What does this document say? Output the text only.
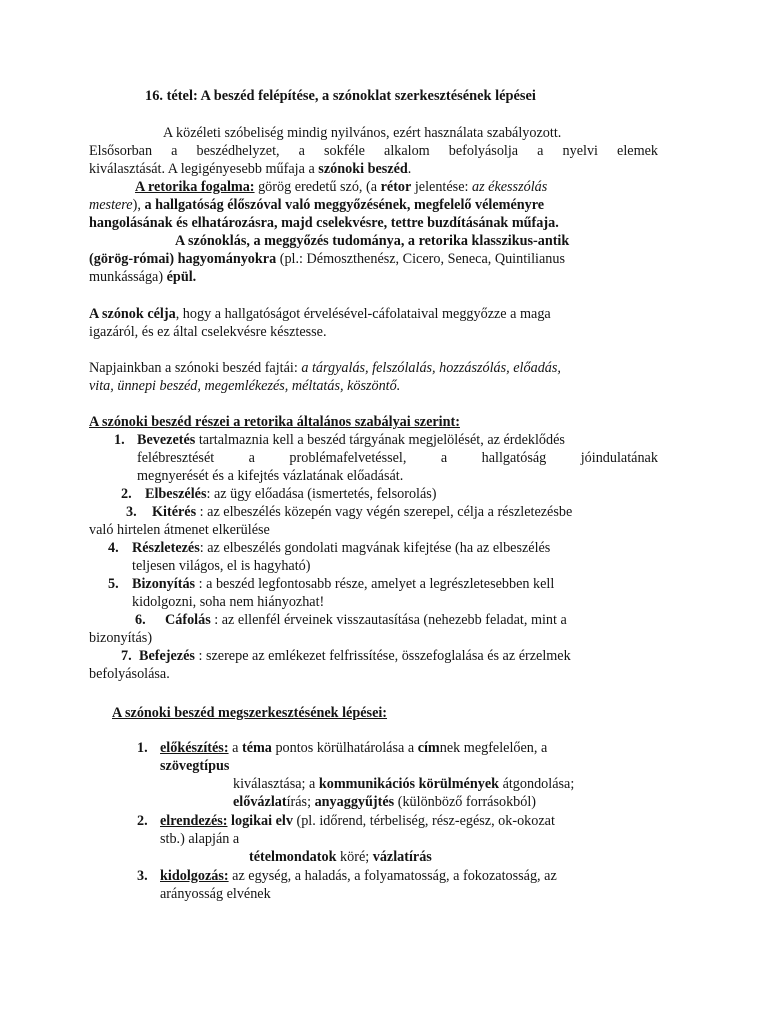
16. tétel: A beszéd felépítése, a szónoklat szerkesztésének lépései
A közéleti szóbeliség mindig nyilvános, ezért használata szabályozott.
Elsősorban a beszédhelyzet, a sokféle alkalom befolyásolja a nyelvi elemek
kiválasztását. A legigényesebb műfaja a szónoki beszéd.
A retorika fogalma: görög eredetű szó, (a rétor jelentése: az ékesszólás
mestere), a hallgatóság élőszóval való meggyőzésének, megfelelő véleményre
hangolásának és elhatározásra, majd cselekvésre, tettre buzdításának műfaja.
A szónoklás, a meggyőzés tudománya, a retorika klasszikus-antik
(görög-római) hagyományokra (pl.: Démoszthenész, Cicero, Seneca, Quintilianus
munkássága) épül.
A szónok célja, hogy a hallgatóságot érvelésével-cáfolataival meggyőzze a maga
igazáról, és ez által cselekvésre késztesse.
Napjainkban a szónoki beszéd fajtái: a tárgyalás, felszólalás, hozzászólás, előadás,
vita, ünnepi beszéd, megemlékezés, méltatás, köszöntő.
A szónoki beszéd részei a retorika általános szabályai szerint:
1. Bevezetés tartalmaznia kell a beszéd tárgyának megjelölését, az érdeklődés
felébresztését a problémafelvetéssel, a hallgatóság jóindulatának
megnyerését és a kifejtés vázlatának előadását.
2. Elbeszélés: az ügy előadása (ismertetés, felsorolás)
3. Kitérés : az elbeszélés közepén vagy végén szerepel, célja a részletezésbe
való hirtelen átmenet elkerülése
4. Részletezés: az elbeszélés gondolati magvának kifejtése (ha az elbeszélés
teljesen világos, el is hagyható)
5. Bizonyítás : a beszéd legfontosabb része, amelyet a legrészletesebben kell
kidolgozni, soha nem hiányozhat!
6. Cáfolás : az ellenfél érveinek visszautasítása (nehezebb feladat, mint a
bizonyítás)
7. Befejezés : szerepe az emlékezet felfrissítése, összefoglalása és az érzelmek
befolyásolása.
A szónoki beszéd megszerkesztésének lépései:
1. előkészítés: a téma pontos körülhatárolása a címnek megfelelően, a
szövegtípus
kiválasztása; a kommunikációs körülmények átgondolása;
elővázlatírás; anyaggyűjtés (különböző forrásokból)
2. elrendezés: logikai elv (pl. időrend, térbeliség, rész-egész, ok-okozat
stb.) alapján a
tételmondatok köré; vázlatírás
3. kidolgozás: az egység, a haladás, a folyamatosság, a fokozatosság, az
arányosság elvének
